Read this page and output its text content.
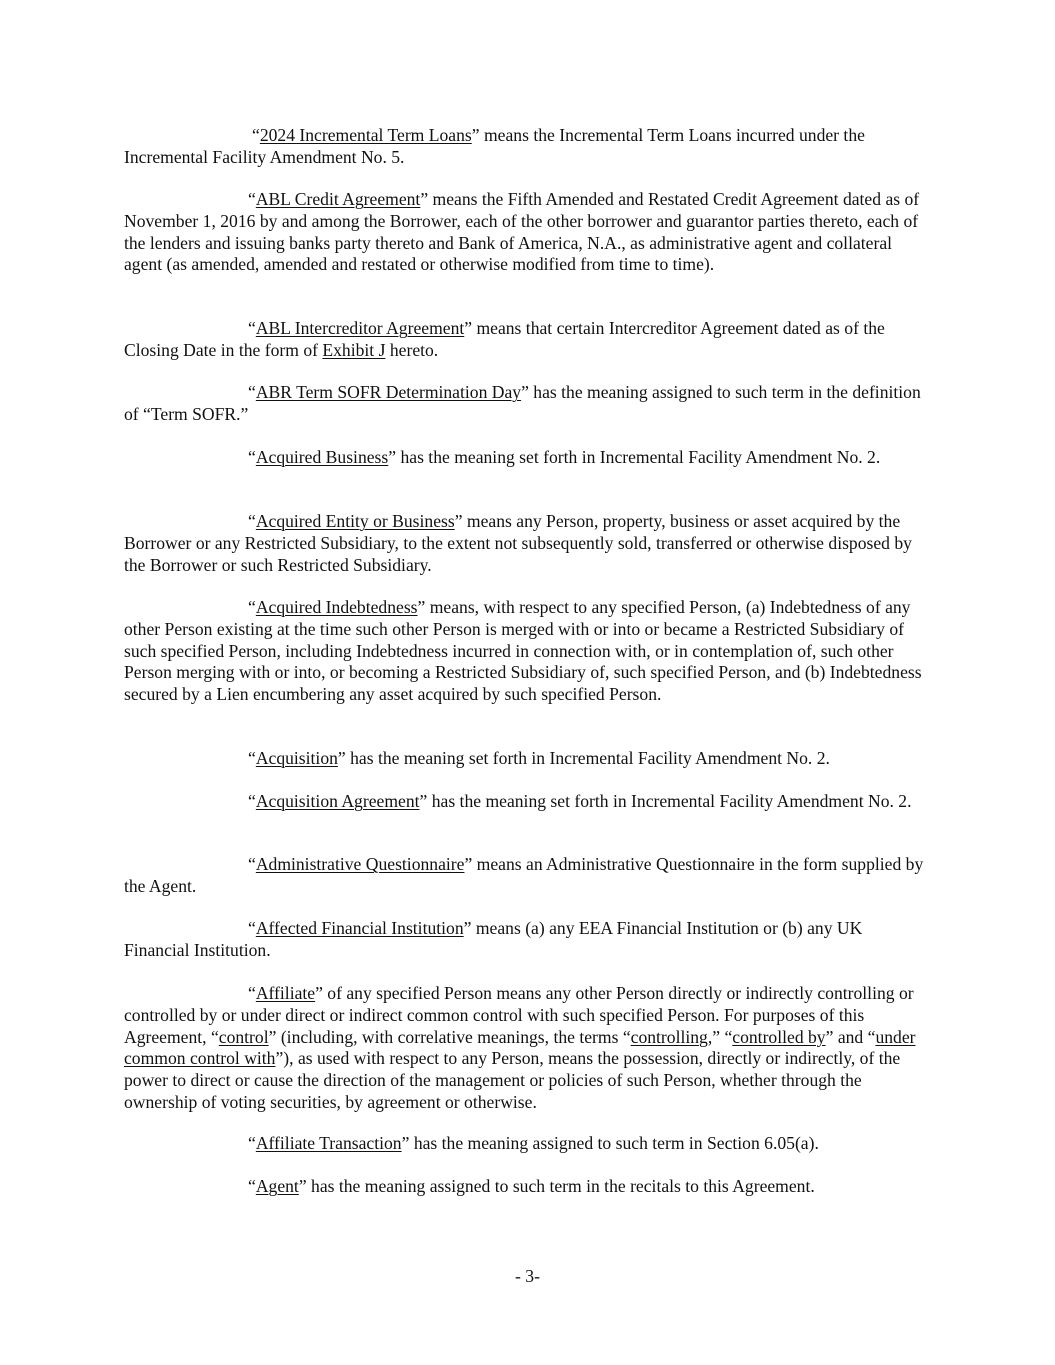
“2024 Incremental Term Loans” means the Incremental Term Loans incurred under the Incremental Facility Amendment No. 5.

“ABL Credit Agreement” means the Fifth Amended and Restated Credit Agreement dated as of November 1, 2016 by and among the Borrower, each of the other borrower and guarantor parties thereto, each of the lenders and issuing banks party thereto and Bank of America, N.A., as administrative agent and collateral agent (as amended, amended and restated or otherwise modified from time to time).

“ABL Intercreditor Agreement” means that certain Intercreditor Agreement dated as of the Closing Date in the form of Exhibit J hereto.

“ABR Term SOFR Determination Day” has the meaning assigned to such term in the definition of “Term SOFR.”

“Acquired Business” has the meaning set forth in Incremental Facility Amendment No. 2.

“Acquired Entity or Business” means any Person, property, business or asset acquired by the Borrower or any Restricted Subsidiary, to the extent not subsequently sold, transferred or otherwise disposed by the Borrower or such Restricted Subsidiary.

“Acquired Indebtedness” means, with respect to any specified Person, (a) Indebtedness of any other Person existing at the time such other Person is merged with or into or became a Restricted Subsidiary of such specified Person, including Indebtedness incurred in connection with, or in contemplation of, such other Person merging with or into, or becoming a Restricted Subsidiary of, such specified Person, and (b) Indebtedness secured by a Lien encumbering any asset acquired by such specified Person.

“Acquisition” has the meaning set forth in Incremental Facility Amendment No. 2.

“Acquisition Agreement” has the meaning set forth in Incremental Facility Amendment No. 2.

“Administrative Questionnaire” means an Administrative Questionnaire in the form supplied by the Agent.

“Affected Financial Institution” means (a) any EEA Financial Institution or (b) any UK Financial Institution.

“Affiliate” of any specified Person means any other Person directly or indirectly controlling or controlled by or under direct or indirect common control with such specified Person. For purposes of this Agreement, “control” (including, with correlative meanings, the terms “controlling,” “controlled by” and “under common control with”), as used with respect to any Person, means the possession, directly or indirectly, of the power to direct or cause the direction of the management or policies of such Person, whether through the ownership of voting securities, by agreement or otherwise.

“Affiliate Transaction” has the meaning assigned to such term in Section 6.05(a).

“Agent” has the meaning assigned to such term in the recitals to this Agreement.

- 3-
